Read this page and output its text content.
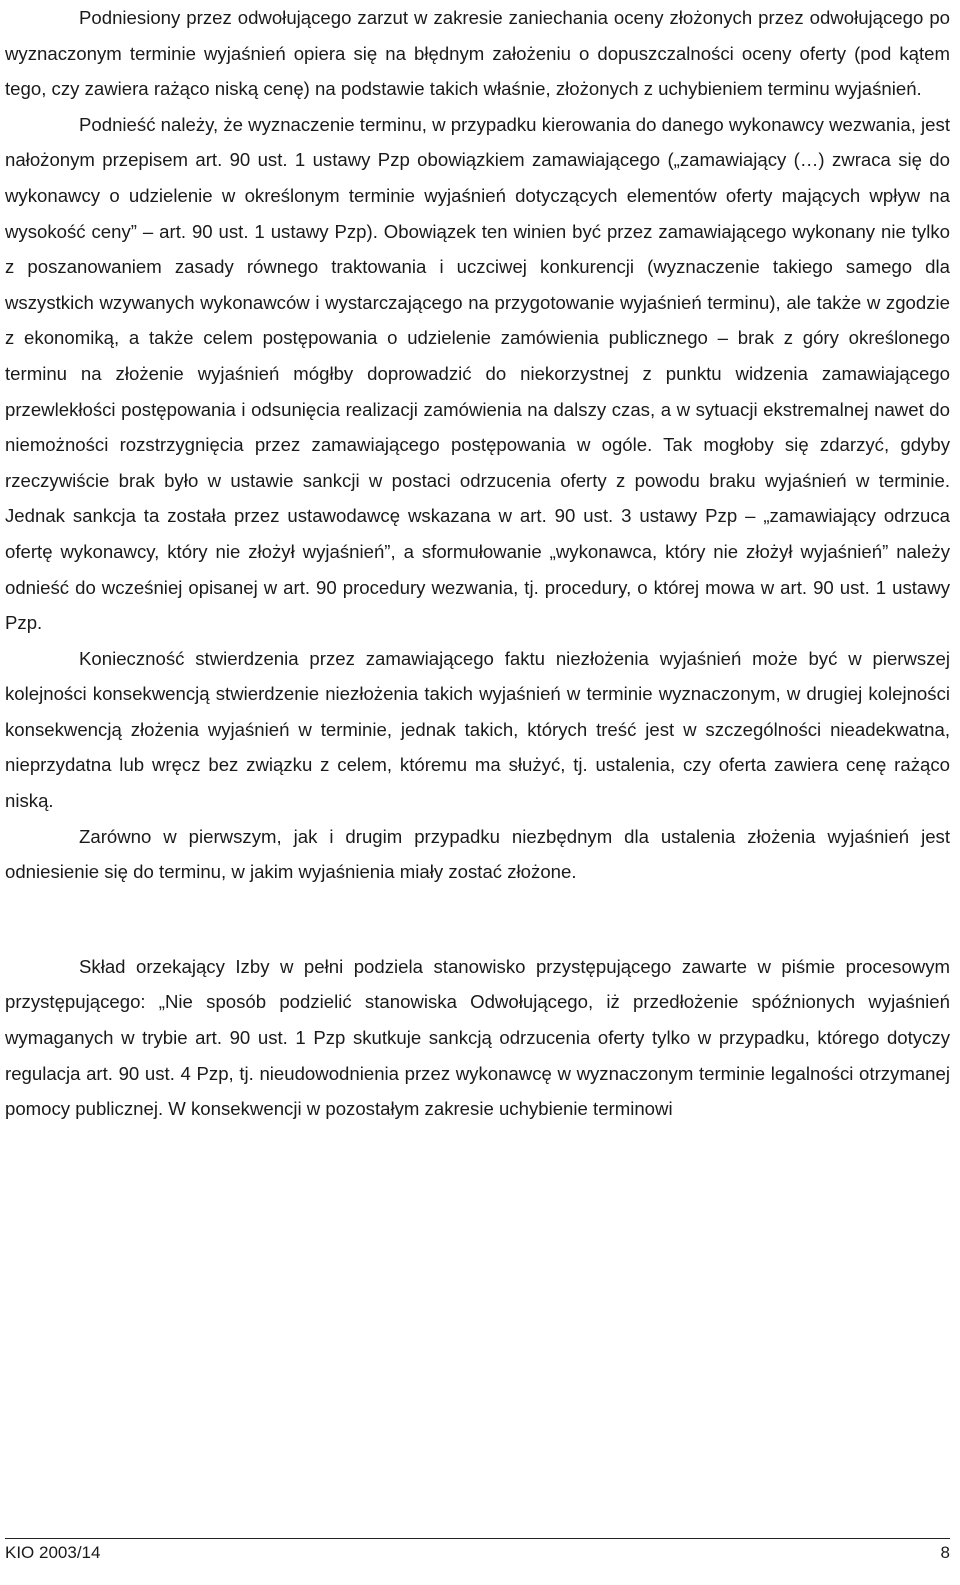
Podniesiony przez odwołującego zarzut w zakresie zaniechania oceny złożonych przez odwołującego po wyznaczonym terminie wyjaśnień opiera się na błędnym założeniu o dopuszczalności oceny oferty (pod kątem tego, czy zawiera rażąco niską cenę) na podstawie takich właśnie, złożonych z uchybieniem terminu wyjaśnień.

Podnieść należy, że wyznaczenie terminu, w przypadku kierowania do danego wykonawcy wezwania, jest nałożonym przepisem art. 90 ust. 1 ustawy Pzp obowiązkiem zamawiającego („zamawiający (…) zwraca się do wykonawcy o udzielenie w określonym terminie wyjaśnień dotyczących elementów oferty mających wpływ na wysokość ceny” – art. 90 ust. 1 ustawy Pzp). Obowiązek ten winien być przez zamawiającego wykonany nie tylko z poszanowaniem zasady równego traktowania i uczciwej konkurencji (wyznaczenie takiego samego dla wszystkich wzywanych wykonawców i wystarczającego na przygotowanie wyjaśnień terminu), ale także w zgodzie z ekonomiką, a także celem postępowania o udzielenie zamówienia publicznego – brak z góry określonego terminu na złożenie wyjaśnień mógłby doprowadzić do niekorzystnej z punktu widzenia zamawiającego przewlekłości postępowania i odsunięcia realizacji zamówienia na dalszy czas, a w sytuacji ekstremalnej nawet do niemożności rozstrzygnięcia przez zamawiającego postępowania w ogóle. Tak mogłoby się zdarzyć, gdyby rzeczywiście brak było w ustawie sankcji w postaci odrzucenia oferty z powodu braku wyjaśnień w terminie. Jednak sankcja ta została przez ustawodawcę wskazana w art. 90 ust. 3 ustawy Pzp – „zamawiający odrzuca ofertę wykonawcy, który nie złożył wyjaśnień”, a sformułowanie „wykonawca, który nie złożył wyjaśnień” należy odnieść do wcześniej opisanej w art. 90 procedury wezwania, tj. procedury, o której mowa w art. 90 ust. 1 ustawy Pzp.

Konieczność stwierdzenia przez zamawiającego faktu niezłożenia wyjaśnień może być w pierwszej kolejności konsekwencją stwierdzenie niezłożenia takich wyjaśnień w terminie wyznaczonym, w drugiej kolejności konsekwencją złożenia wyjaśnień w terminie, jednak takich, których treść jest w szczególności nieadekwatna, nieprzydatna lub wręcz bez związku z celem, któremu ma służyć, tj. ustalenia, czy oferta zawiera cenę rażąco niską.

Zarówno w pierwszym, jak i drugim przypadku niezbędnym dla ustalenia złożenia wyjaśnień jest odniesienie się do terminu, w jakim wyjaśnienia miały zostać złożone.

Skład orzekający Izby w pełni podziela stanowisko przystępującego zawarte w piśmie procesowym przystępującego: „Nie sposób podzielić stanowiska Odwołującego, iż przedłożenie spóźnionych wyjaśnień wymaganych w trybie art. 90 ust. 1 Pzp skutkuje sankcją odrzucenia oferty tylko w przypadku, którego dotyczy regulacja art. 90 ust. 4 Pzp, tj. nieudowodnienia przez wykonawcę w wyznaczonym terminie legalności otrzymanej pomocy publicznej. W konsekwencji w pozostałym zakresie uchybienie terminowi

KIO 2003/14	8
